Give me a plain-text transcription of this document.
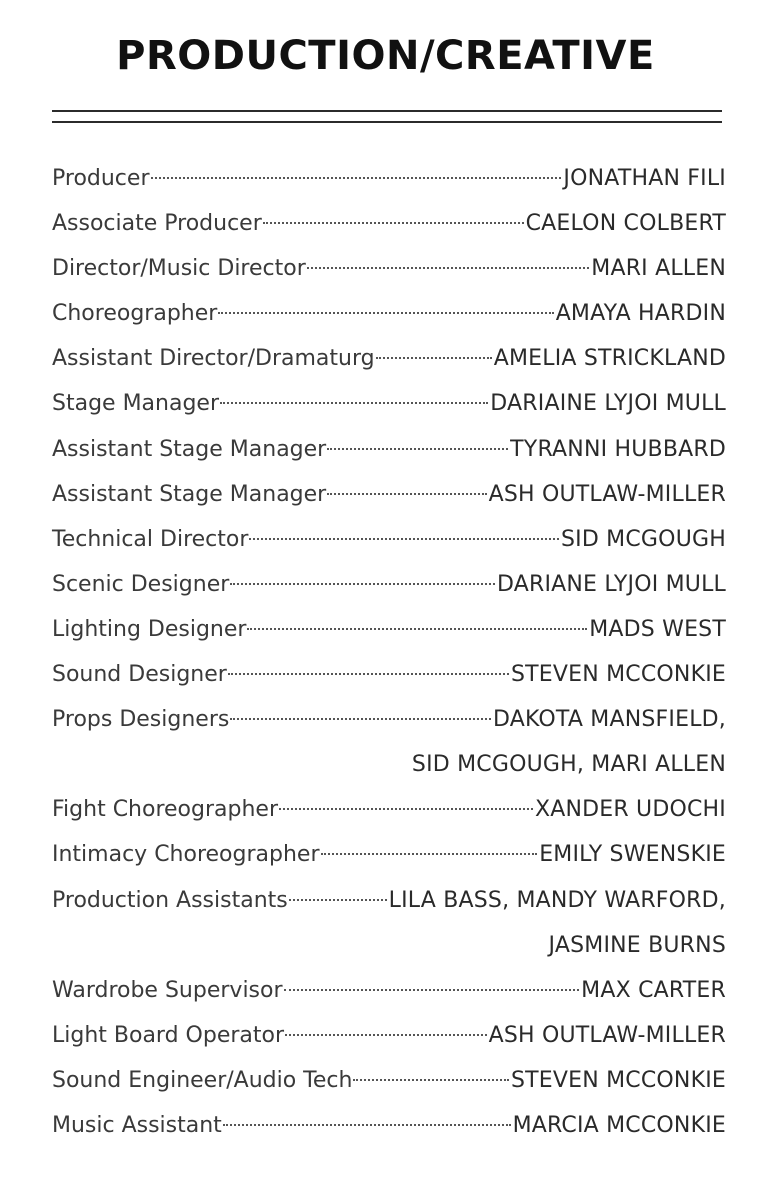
PRODUCTION/CREATIVE
Producer	JONATHAN FILI
Associate Producer	CAELON COLBERT
Director/Music Director	MARI ALLEN
Choreographer	AMAYA HARDIN
Assistant Director/Dramaturg	AMELIA STRICKLAND
Stage Manager	DARIAINE LYJOI MULL
Assistant Stage Manager	TYRANNI HUBBARD
Assistant Stage Manager	ASH OUTLAW-MILLER
Technical Director	SID MCGOUGH
Scenic Designer	DARIANE LYJOI MULL
Lighting Designer	MADS WEST
Sound Designer	STEVEN MCCONKIE
Props Designers	DAKOTA MANSFIELD,
SID MCGOUGH, MARI ALLEN
Fight Choreographer	XANDER UDOCHI
Intimacy Choreographer	EMILY SWENSKIE
Production Assistants	LILA BASS, MANDY WARFORD,
JASMINE BURNS
Wardrobe Supervisor	MAX CARTER
Light Board Operator	ASH OUTLAW-MILLER
Sound Engineer/Audio Tech	STEVEN MCCONKIE
Music Assistant	MARCIA MCCONKIE
